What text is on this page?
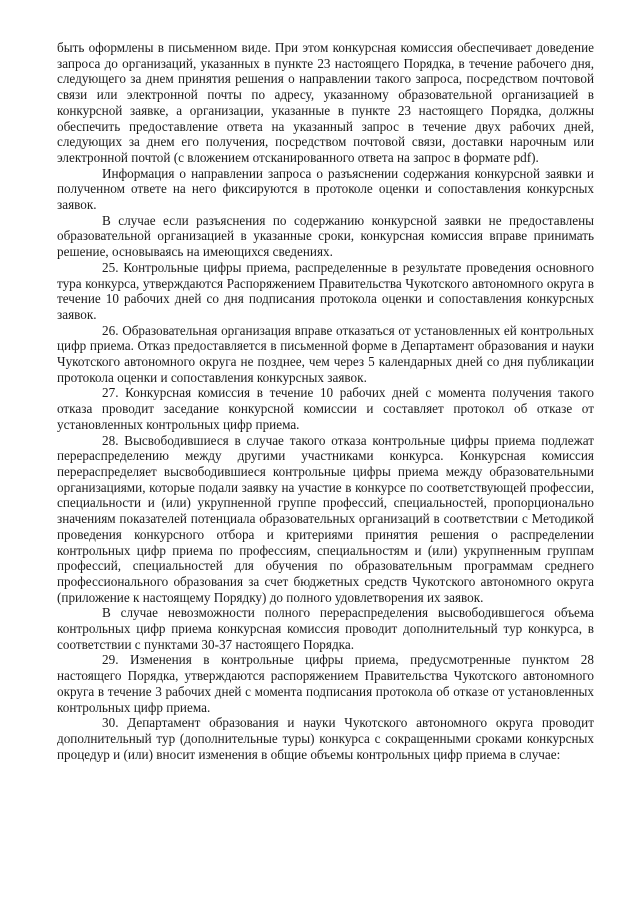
быть оформлены в письменном виде. При этом конкурсная комиссия обеспечивает доведение запроса до организаций, указанных в пункте 23 настоящего Порядка, в течение рабочего дня, следующего за днем принятия решения о направлении такого запроса, посредством почтовой связи или электронной почты по адресу, указанному образовательной организацией в конкурсной заявке, а организации, указанные в пункте 23 настоящего Порядка, должны обеспечить предоставление ответа на указанный запрос в течение двух рабочих дней, следующих за днем его получения, посредством почтовой связи, доставки нарочным или электронной почтой (с вложением отсканированного ответа на запрос в формате pdf).

Информация о направлении запроса о разъяснении содержания конкурсной заявки и полученном ответе на него фиксируются в протоколе оценки и сопоставления конкурсных заявок.

В случае если разъяснения по содержанию конкурсной заявки не предоставлены образовательной организацией в указанные сроки, конкурсная комиссия вправе принимать решение, основываясь на имеющихся сведениях.

25. Контрольные цифры приема, распределенные в результате проведения основного тура конкурса, утверждаются Распоряжением Правительства Чукотского автономного округа в течение 10 рабочих дней со дня подписания протокола оценки и сопоставления конкурсных заявок.

26. Образовательная организация вправе отказаться от установленных ей контрольных цифр приема. Отказ предоставляется в письменной форме в Департамент образования и науки Чукотского автономного округа не позднее, чем через 5 календарных дней со дня публикации протокола оценки и сопоставления конкурсных заявок.

27. Конкурсная комиссия в течение 10 рабочих дней с момента получения такого отказа проводит заседание конкурсной комиссии и составляет протокол об отказе от установленных контрольных цифр приема.

28. Высвободившиеся в случае такого отказа контрольные цифры приема подлежат перераспределению между другими участниками конкурса. Конкурсная комиссия перераспределяет высвободившиеся контрольные цифры приема между образовательными организациями, которые подали заявку на участие в конкурсе по соответствующей профессии, специальности и (или) укрупненной группе профессий, специальностей, пропорционально значениям показателей потенциала образовательных организаций в соответствии с Методикой проведения конкурсного отбора и критериями принятия решения о распределении контрольных цифр приема по профессиям, специальностям и (или) укрупненным группам профессий, специальностей для обучения по образовательным программам среднего профессионального образования за счет бюджетных средств Чукотского автономного округа (приложение к настоящему Порядку) до полного удовлетворения их заявок.

В случае невозможности полного перераспределения высвободившегося объема контрольных цифр приема конкурсная комиссия проводит дополнительный тур конкурса, в соответствии с пунктами 30-37 настоящего Порядка.

29. Изменения в контрольные цифры приема, предусмотренные пунктом 28 настоящего Порядка, утверждаются распоряжением Правительства Чукотского автономного округа в течение 3 рабочих дней с момента подписания протокола об отказе от установленных контрольных цифр приема.

30. Департамент образования и науки Чукотского автономного округа проводит дополнительный тур (дополнительные туры) конкурса с сокращенными сроками конкурсных процедур и (или) вносит изменения в общие объемы контрольных цифр приема в случае:
